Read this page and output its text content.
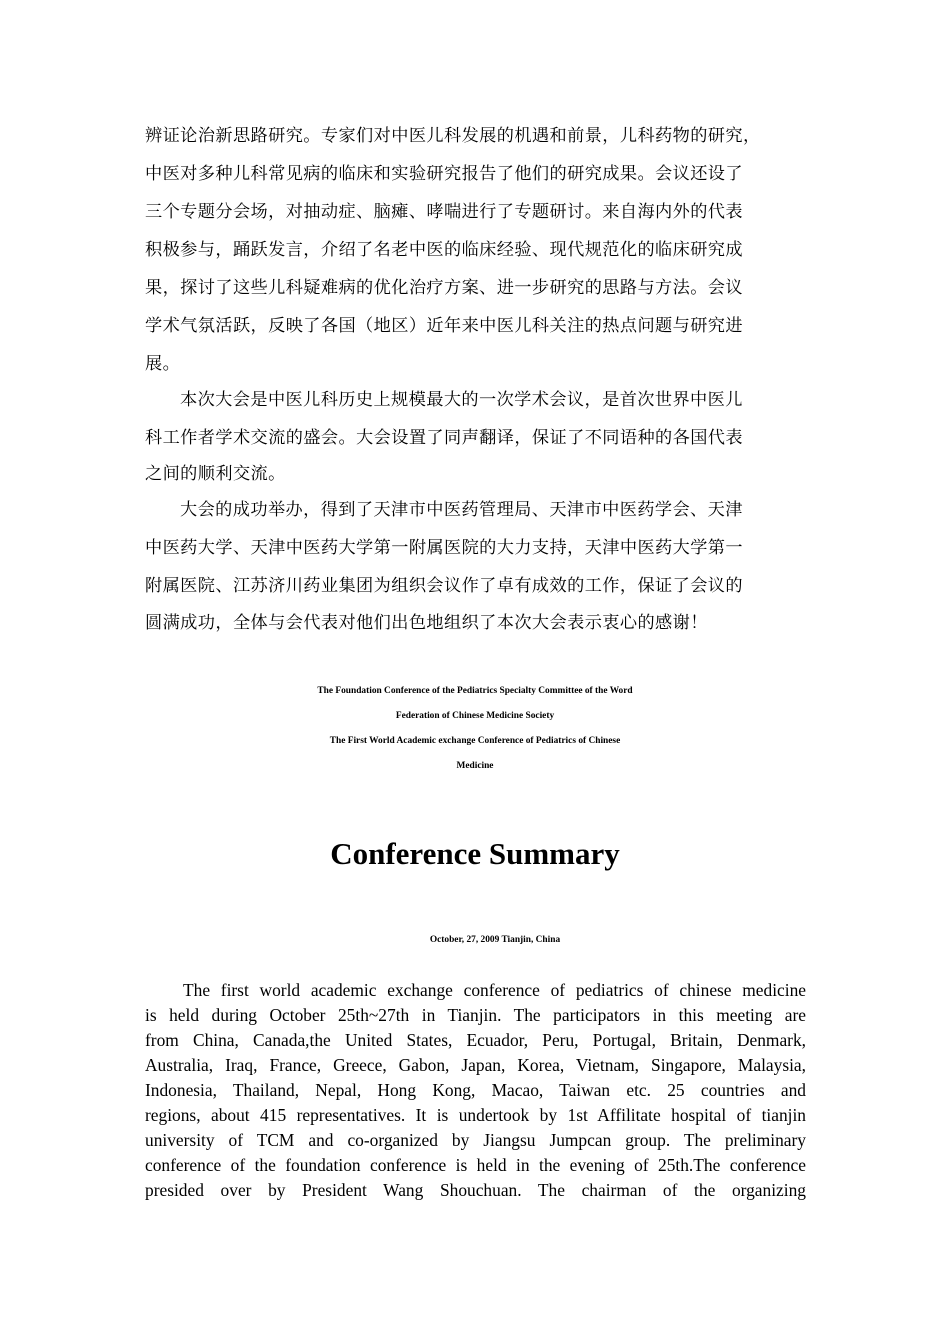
辨证论治新思路研究。专家们对中医儿科发展的机遇和前景，儿科药物的研究，
中医对多种儿科常见病的临床和实验研究报告了他们的研究成果。会议还设了
三个专题分会场，对抽动症、脑瘫、哮喘进行了专题研讨。来自海内外的代表
积极参与，踊跃发言，介绍了名老中医的临床经验、现代规范化的临床研究成
果，探讨了这些儿科疑难病的优化治疗方案、进一步研究的思路与方法。会议
学术气氛活跃，反映了各国（地区）近年来中医儿科关注的热点问题与研究进
展。
本次大会是中医儿科历史上规模最大的一次学术会议，是首次世界中医儿
科工作者学术交流的盛会。大会设置了同声翻译，保证了不同语种的各国代表
之间的顺利交流。
大会的成功举办，得到了天津市中医药管理局、天津市中医药学会、天津
中医药大学、天津中医药大学第一附属医院的大力支持，天津中医药大学第一
附属医院、江苏济川药业集团为组织会议作了卓有成效的工作，保证了会议的
圆满成功，全体与会代表对他们出色地组织了本次大会表示衷心的感谢！
The Foundation Conference of the Pediatrics Specialty Committee of the Word
Federation of Chinese Medicine Society
The First World Academic exchange Conference of Pediatrics of Chinese
Medicine
Conference Summary
October, 27, 2009 Tianjin, China
The first world academic exchange conference of pediatrics of chinese medicine
is held during October 25th~27th in Tianjin. The participators in this meeting are
from China, Canada,the United States, Ecuador, Peru, Portugal, Britain, Denmark,
Australia, Iraq, France, Greece, Gabon, Japan, Korea, Vietnam, Singapore, Malaysia,
Indonesia, Thailand, Nepal, Hong Kong, Macao, Taiwan etc. 25 countries and
regions, about 415 representatives. It is undertook by 1st Affilitate hospital of tianjin
university of TCM and co-organized by Jiangsu Jumpcan group. The preliminary
conference of the foundation conference is held in the evening of 25th.The conference
presided over by President Wang Shouchuan. The chairman of the organizing
